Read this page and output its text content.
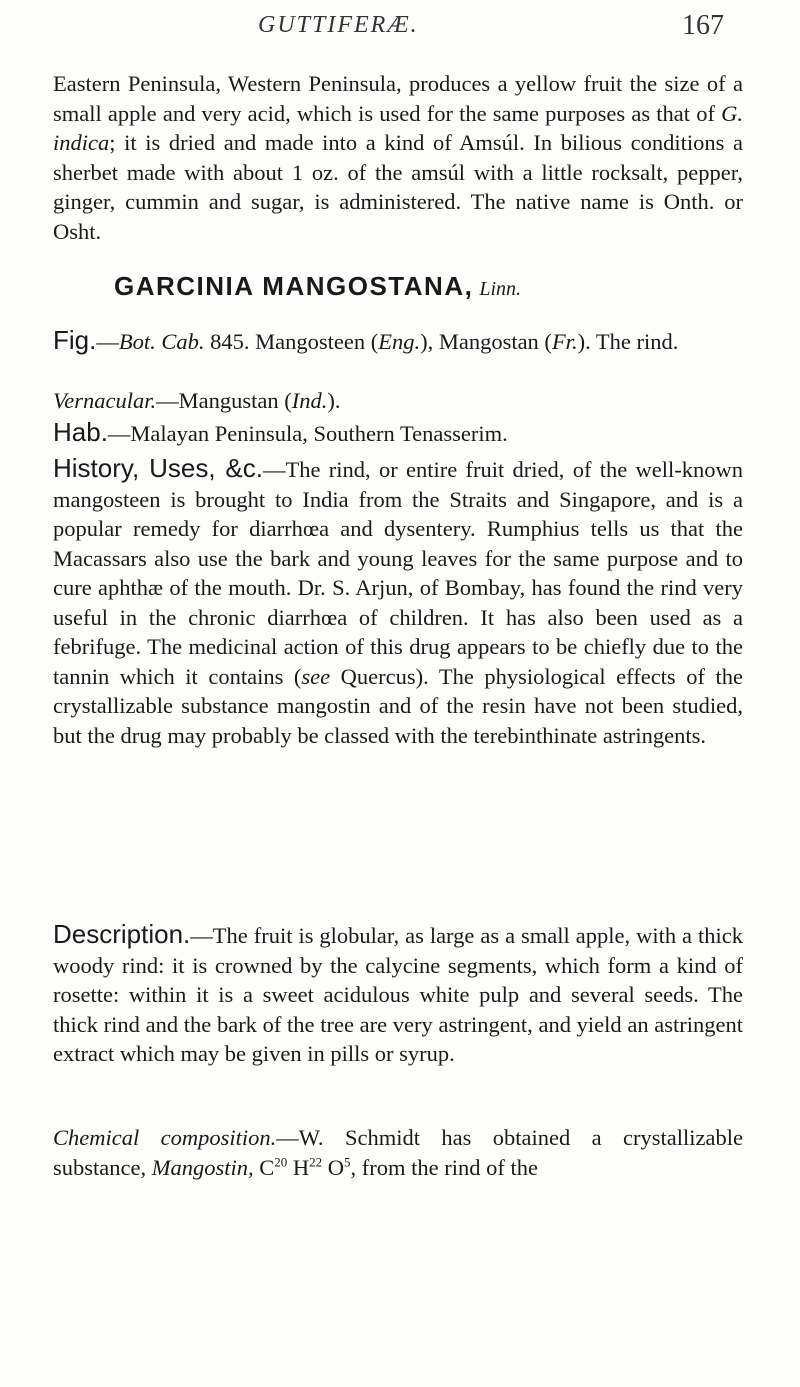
GUTTIFERÆ.	167

Eastern Peninsula, Western Peninsula, produces a yellow fruit the size of a small apple and very acid, which is used for the same purposes as that of G. indica; it is dried and made into a kind of Amsúl. In bilious conditions a sherbet made with about 1 oz. of the amsúl with a little rocksalt, pepper, ginger, cummin and sugar, is administered. The native name is Onth. or Osht.

GARCINIA MANGOSTANA, Linn.

Fig.—Bot. Cab. 845. Mangosteen (Eng.), Mangostan (Fr.). The rind.

Vernacular.—Mangustan (Ind.).

Hab.—Malayan Peninsula, Southern Tenasserim.

History, Uses, &c.—The rind, or entire fruit dried, of the well-known mangosteen is brought to India from the Straits and Singapore, and is a popular remedy for diarrhœa and dysentery. Rumphius tells us that the Macassars also use the bark and young leaves for the same purpose and to cure aphthæ of the mouth. Dr. S. Arjun, of Bombay, has found the rind very useful in the chronic diarrhœa of children. It has also been used as a febrifuge. The medicinal action of this drug appears to be chiefly due to the tannin which it contains (see Quercus). The physiological effects of the crystallizable substance mangostin and of the resin have not been studied, but the drug may probably be classed with the terebinthinate astringents.

Description.—The fruit is globular, as large as a small apple, with a thick woody rind: it is crowned by the calycine segments, which form a kind of rosette: within it is a sweet acidulous white pulp and several seeds. The thick rind and the bark of the tree are very astringent, and yield an astringent extract which may be given in pills or syrup.

Chemical composition.—W. Schmidt has obtained a crystallizable substance, Mangostin, $C^{20}$ $H^{22}$ $O^5$, from the rind of the
